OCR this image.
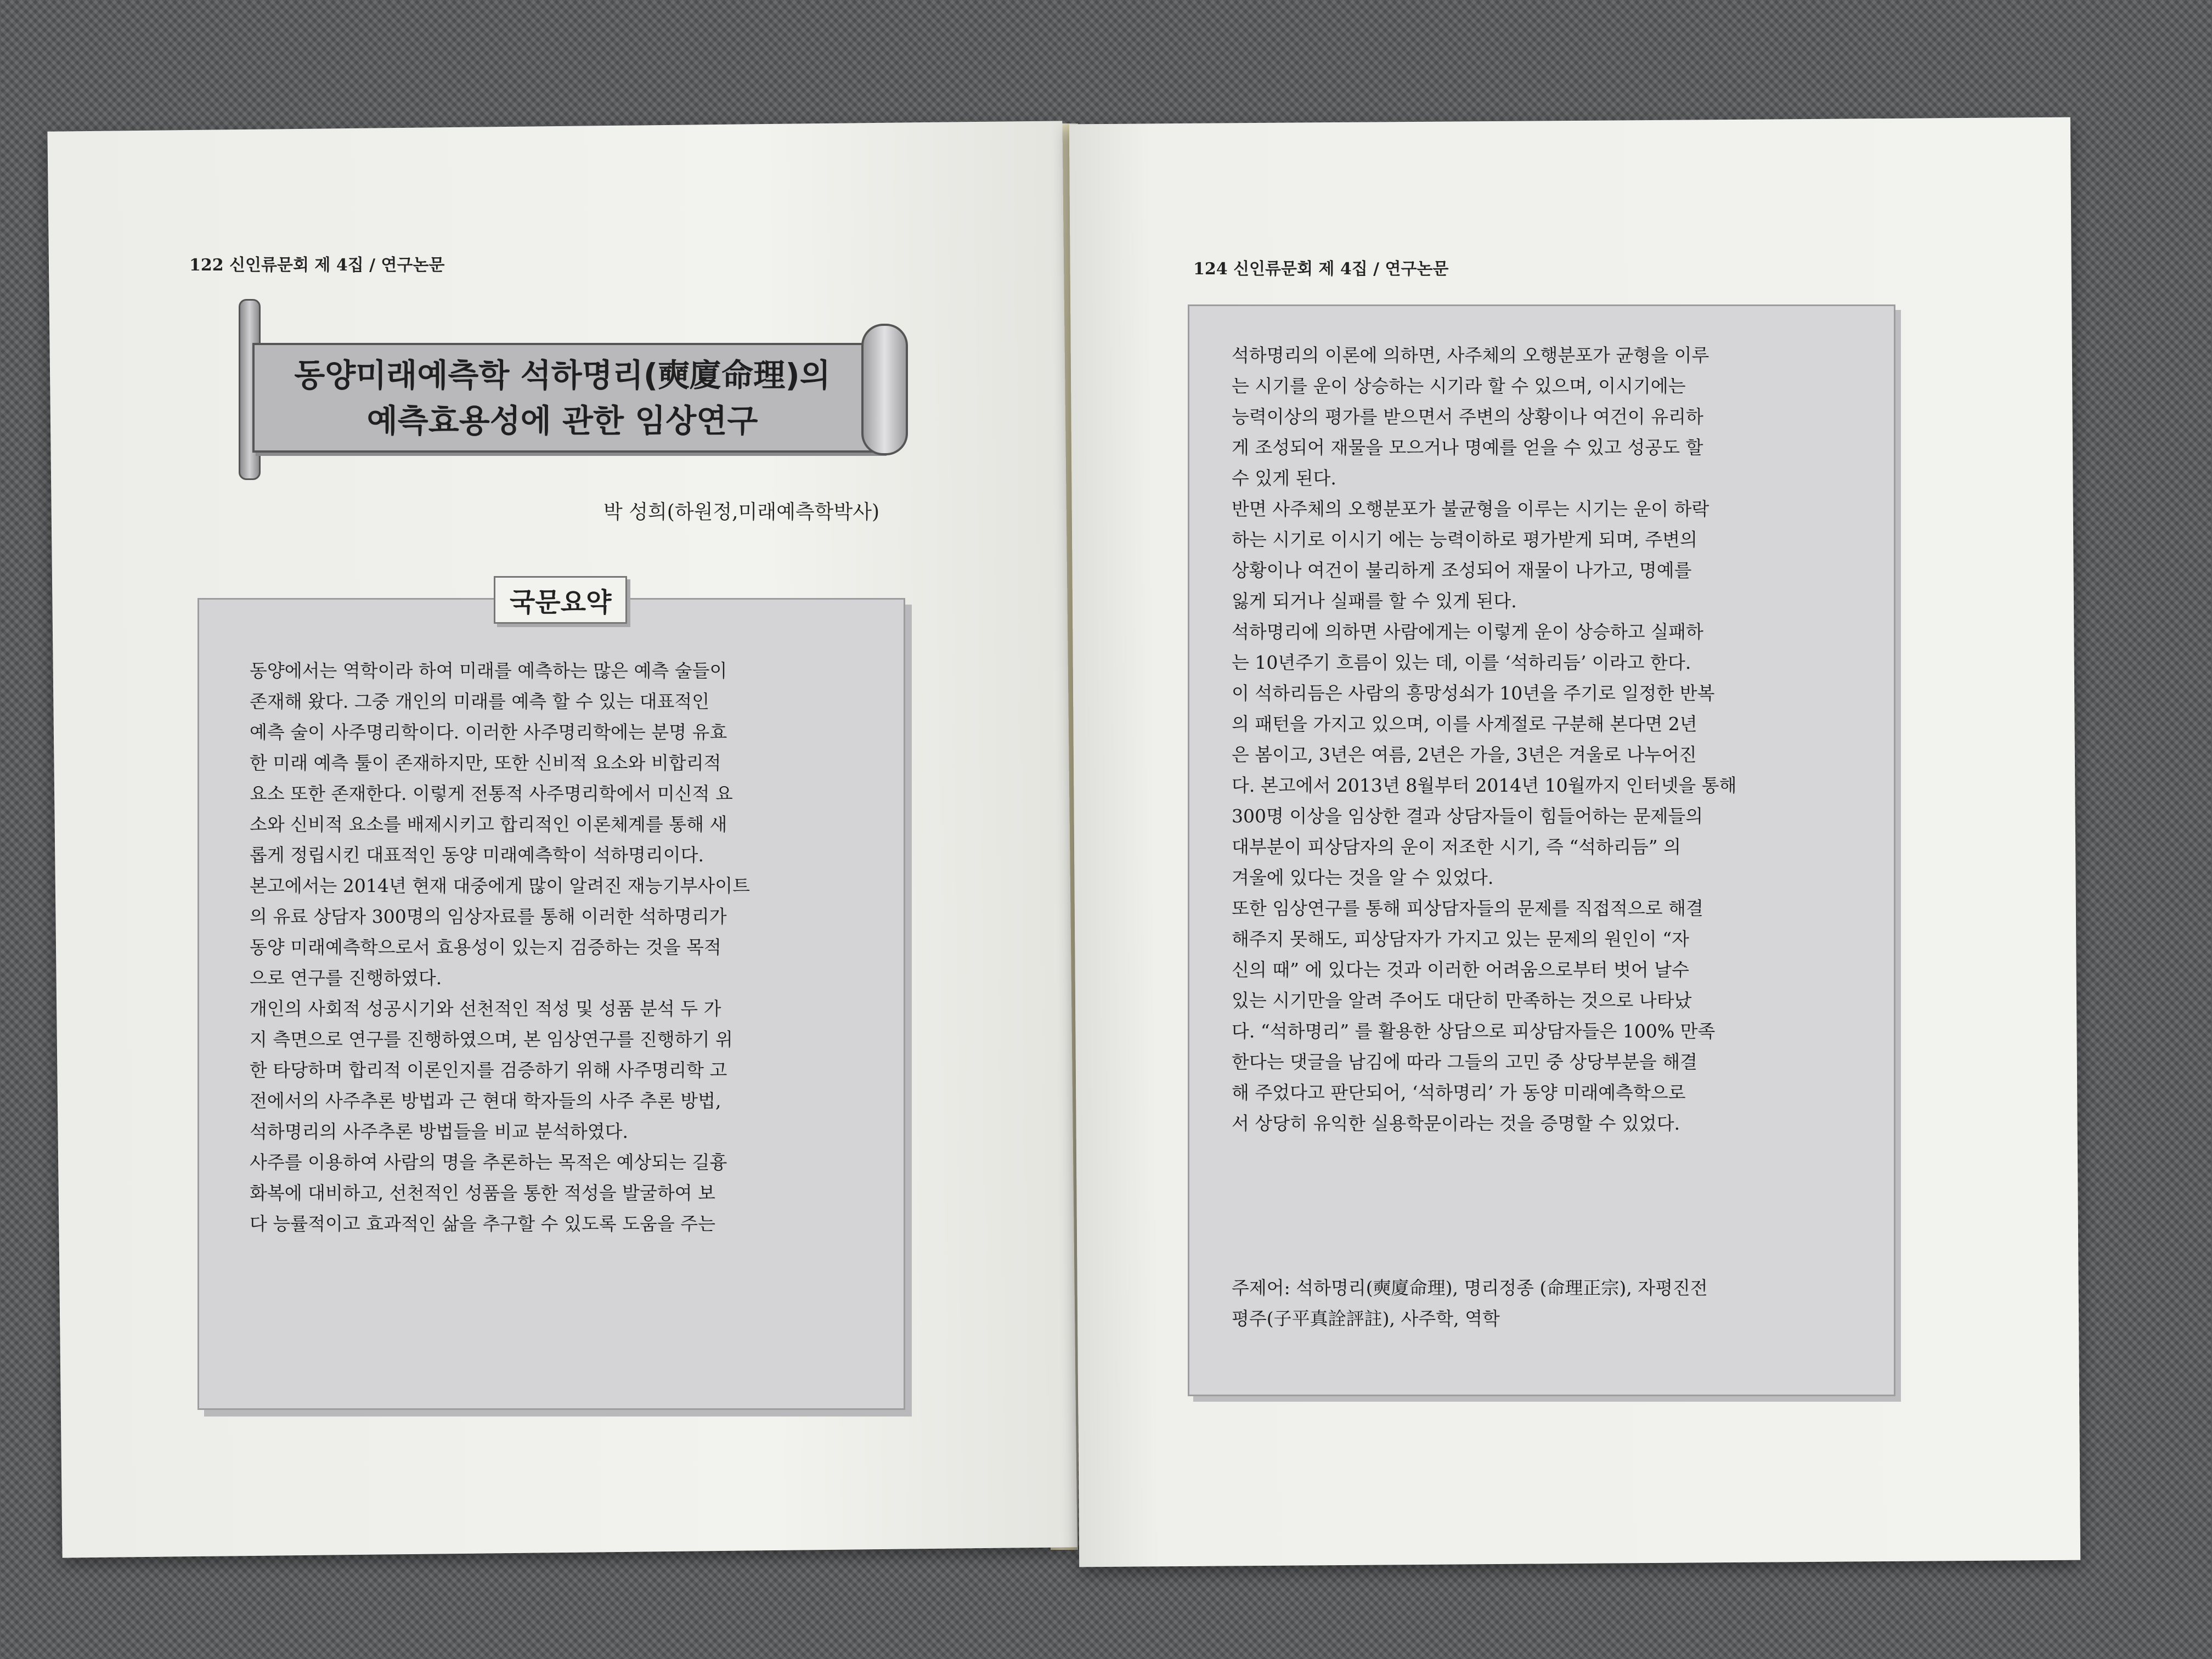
122 신인류문회 제 4집 / 연구논문
동양미래예측학 석하명리(奭廈命理)의
예측효용성에 관한 임상연구
박 성희(하원정,미래예측학박사)
국문요약
동양에서는 역학이라 하여 미래를 예측하는 많은 예측 술들이
존재해 왔다. 그중 개인의 미래를 예측 할 수 있는 대표적인
예측 술이 사주명리학이다. 이러한 사주명리학에는 분명 유효
한 미래 예측 툴이 존재하지만, 또한 신비적 요소와 비합리적
요소 또한 존재한다. 이렇게 전통적 사주명리학에서 미신적 요
소와 신비적 요소를 배제시키고 합리적인 이론체계를 통해 새
롭게 정립시킨 대표적인 동양 미래예측학이 석하명리이다.
본고에서는 2014년 현재 대중에게 많이 알려진 재능기부사이트
의 유료 상담자 300명의 임상자료를 통해 이러한 석하명리가
동양 미래예측학으로서 효용성이 있는지 검증하는 것을 목적
으로 연구를 진행하였다.
개인의 사회적 성공시기와 선천적인 적성 및 성품 분석 두 가
지 측면으로 연구를 진행하였으며, 본 임상연구를 진행하기 위
한 타당하며 합리적 이론인지를 검증하기 위해 사주명리학 고
전에서의 사주추론 방법과 근 현대 학자들의 사주 추론 방법,
석하명리의 사주추론 방법들을 비교 분석하였다.
사주를 이용하여 사람의 명을 추론하는 목적은 예상되는 길흉
화복에 대비하고, 선천적인 성품을 통한 적성을 발굴하여 보
다 능률적이고 효과적인 삶을 추구할 수 있도록 도움을 주는
124 신인류문회 제 4집 / 연구논문
석하명리의 이론에 의하면, 사주체의 오행분포가 균형을 이루
는 시기를 운이 상승하는 시기라 할 수 있으며, 이시기에는
능력이상의 평가를 받으면서 주변의 상황이나 여건이 유리하
게 조성되어 재물을 모으거나 명예를 얻을 수 있고 성공도 할
수 있게 된다.
반면 사주체의 오행분포가 불균형을 이루는 시기는 운이 하락
하는 시기로 이시기 에는 능력이하로 평가받게 되며, 주변의
상황이나 여건이 불리하게 조성되어 재물이 나가고, 명예를
잃게 되거나 실패를 할 수 있게 된다.
석하명리에 의하면 사람에게는 이렇게 운이 상승하고 실패하
는 10년주기 흐름이 있는 데, 이를 ‘석하리듬’ 이라고 한다.
이 석하리듬은 사람의 흥망성쇠가 10년을 주기로 일정한 반복
의 패턴을 가지고 있으며, 이를 사계절로 구분해 본다면 2년
은 봄이고, 3년은 여름, 2년은 가을, 3년은 겨울로 나누어진
다. 본고에서 2013년 8월부터 2014년 10월까지 인터넷을 통해
300명 이상을 임상한 결과 상담자들이 힘들어하는 문제들의
대부분이 피상담자의 운이 저조한 시기, 즉 “석하리듬” 의
겨울에 있다는 것을 알 수 있었다.
또한 임상연구를 통해 피상담자들의 문제를 직접적으로 해결
해주지 못해도, 피상담자가 가지고 있는 문제의 원인이 “자
신의 때” 에 있다는 것과 이러한 어려움으로부터 벗어 날수
있는 시기만을 알려 주어도 대단히 만족하는 것으로 나타났
다. “석하명리” 를 활용한 상담으로 피상담자들은 100% 만족
한다는 댓글을 남김에 따라 그들의 고민 중 상당부분을 해결
해 주었다고 판단되어, ‘석하명리’ 가 동양 미래예측학으로
서 상당히 유익한 실용학문이라는 것을 증명할 수 있었다.
주제어: 석하명리(奭廈命理), 명리정종 (命理正宗), 자평진전
평주(子平真詮評註), 사주학, 역학
